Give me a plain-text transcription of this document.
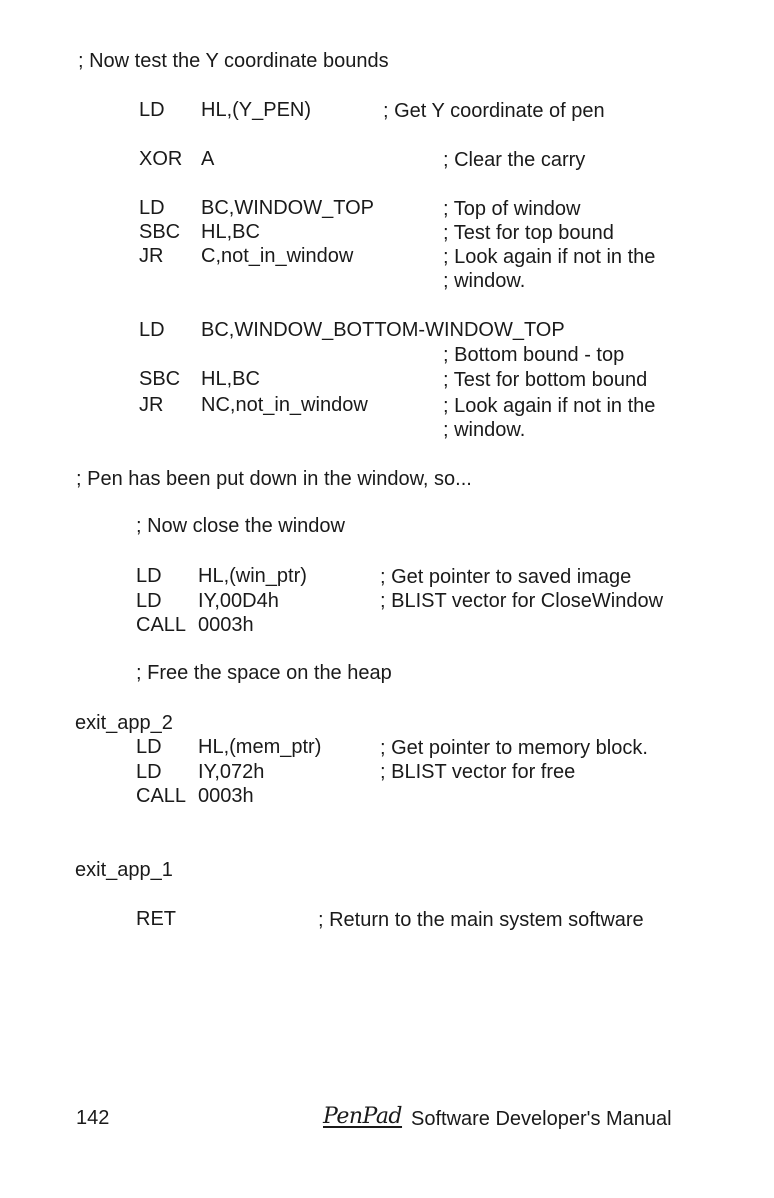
; Now test the Y coordinate bounds
LD HL,(Y_PEN)	; Get Y coordinate of pen
XOR A	; Clear the carry
LD BC,WINDOW_TOP	; Top of window
SBC HL,BC	; Test for top bound
JR C,not_in_window	; Look again if not in the
; window.
LD BC,WINDOW_BOTTOM-WINDOW_TOP
; Bottom bound - top
SBC HL,BC	; Test for bottom bound
JR NC,not_in_window	; Look again if not in the
; window.
; Pen has been put down in the window, so...
; Now close the window
LD HL,(win_ptr)	; Get pointer to saved image
LD IY,00D4h	; BLIST vector for CloseWindow
CALL 0003h
; Free the space on the heap
exit_app_2
LD HL,(mem_ptr)	; Get pointer to memory block.
LD IY,072h	; BLIST vector for free
CALL 0003h
exit_app_1
RET	; Return to the main system software
142	PenPad Software Developer's Manual
